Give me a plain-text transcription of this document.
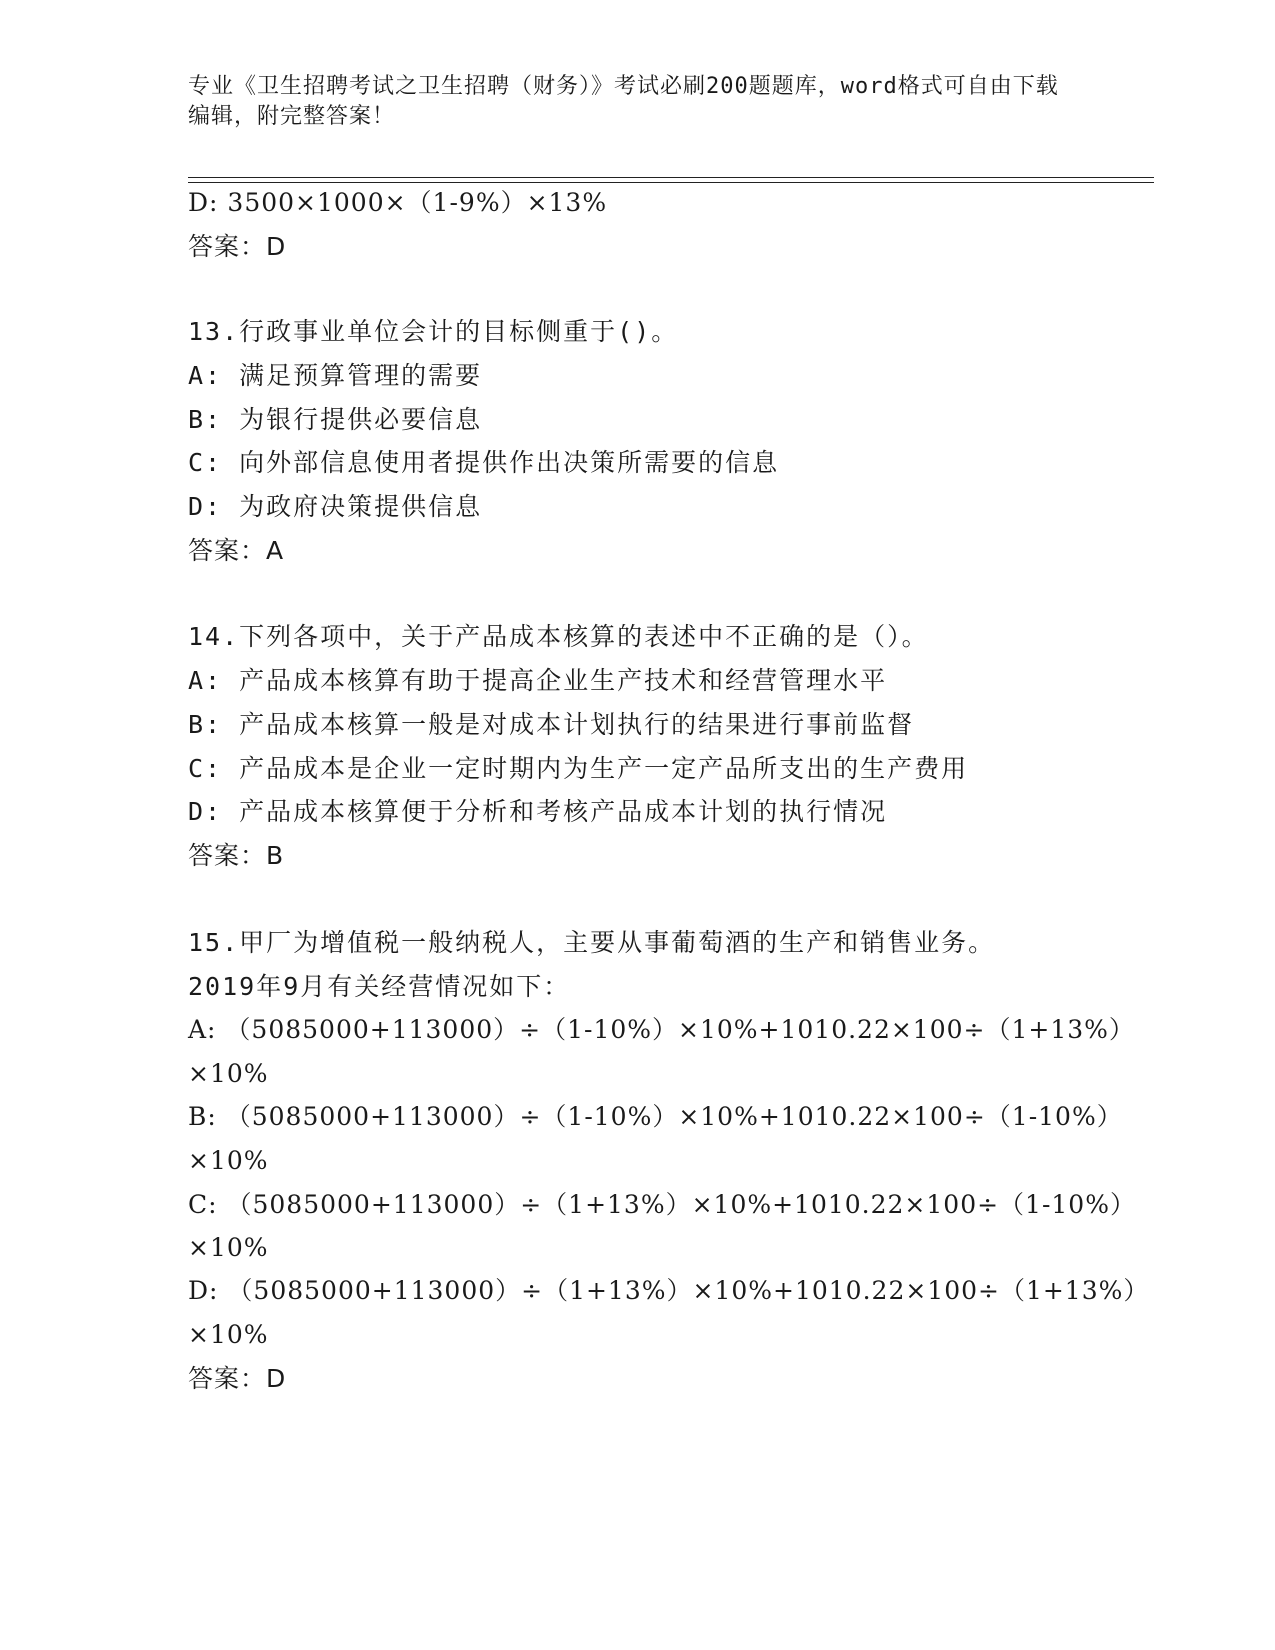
专业《卫生招聘考试之卫生招聘（财务）》考试必刷200题题库，word格式可自由下载编辑，附完整答案！
D: 3500×1000×（1-9%）×13%
答案：D
13.行政事业单位会计的目标侧重于()。
A: 满足预算管理的需要
B: 为银行提供必要信息
C: 向外部信息使用者提供作出决策所需要的信息
D: 为政府决策提供信息
答案：A
14.下列各项中，关于产品成本核算的表述中不正确的是（）。
A: 产品成本核算有助于提高企业生产技术和经营管理水平
B: 产品成本核算一般是对成本计划执行的结果进行事前监督
C: 产品成本是企业一定时期内为生产一定产品所支出的生产费用
D: 产品成本核算便于分析和考核产品成本计划的执行情况
答案：B
15.甲厂为增值税一般纳税人，主要从事葡萄酒的生产和销售业务。
2019年9月有关经营情况如下：
A: （5085000+113000）÷（1-10%）×10%+1010.22×100÷（1+13%）
×10%
B: （5085000+113000）÷（1-10%）×10%+1010.22×100÷（1-10%）
×10%
C: （5085000+113000）÷（1+13%）×10%+1010.22×100÷（1-10%）
×10%
D: （5085000+113000）÷（1+13%）×10%+1010.22×100÷（1+13%）
×10%
答案：D
